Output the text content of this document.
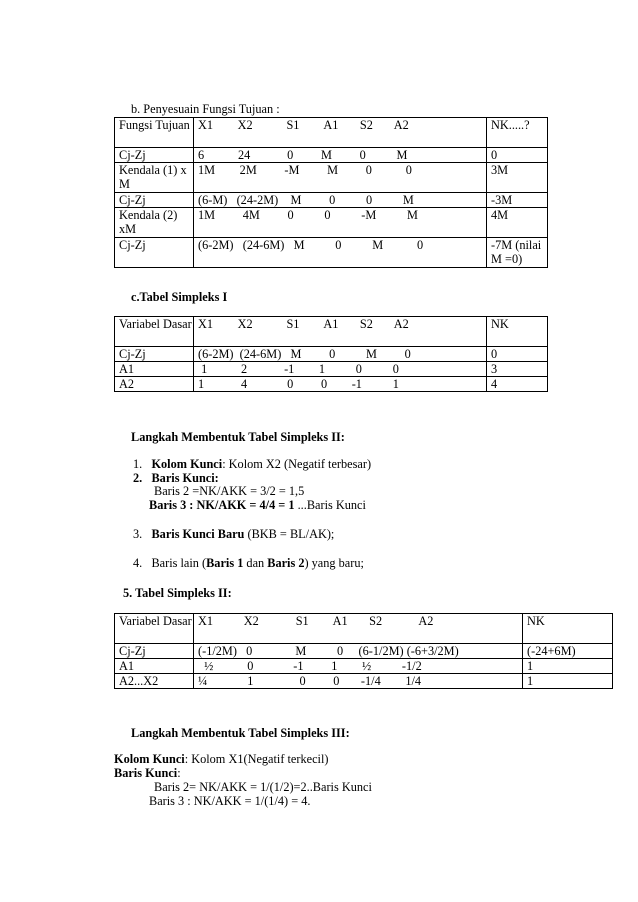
b. Penyesuain Fungsi Tujuan :
Fungsi Tujuan	X1        X2           S1        A1       S2       A2	NK.....?
Cj-Zj	6           24            0         M         0          M	0
Kendala (1) x M	1M        2M         -M         M         0           0	3M
Cj-Zj	(6-M)   (24-2M)    M         0          0          M	-3M
Kendala (2) xM	1M         4M         0          0          -M          M	4M
Cj-Zj	(6-2M)   (24-6M)   M          0          M           0	-7M (nilai M =0)
c.Tabel Simpleks I
Variabel Dasar	X1        X2           S1        A1       S2       A2	NK
Cj-Zj	(6-2M)  (24-6M)   M         0          M         0	0
A1	1           2            -1        1          0          0	3
A2	1            4             0         0        -1          1	4
Langkah Membentuk Tabel Simpleks II:
1. Kolom Kunci: Kolom X2 (Negatif terbesar)
2. Baris Kunci:
Baris 2 =NK/AKK = 3/2 = 1,5
Baris 3 : NK/AKK = 4/4 = 1 ...Baris Kunci
3. Baris Kunci Baru (BKB = BL/AK);
4. Baris lain (Baris 1 dan Baris 2) yang baru;
5. Tabel Simpleks II:
Variabel Dasar	X1          X2            S1        A1       S2            A2	NK
Cj-Zj	(-1/2M)   0              M          0     (6-1/2M) (-6+3/2M)	(-24+6M)
A1	½           0             -1         1        ½          -1/2	1
A2...X2	¼             1               0         0       -1/4        1/4	1
Langkah Membentuk Tabel Simpleks III:
Kolom Kunci: Kolom X1(Negatif terkecil)
Baris Kunci:
Baris 2= NK/AKK = 1/(1/2)=2..Baris Kunci
Baris 3 : NK/AKK = 1/(1/4) = 4.
